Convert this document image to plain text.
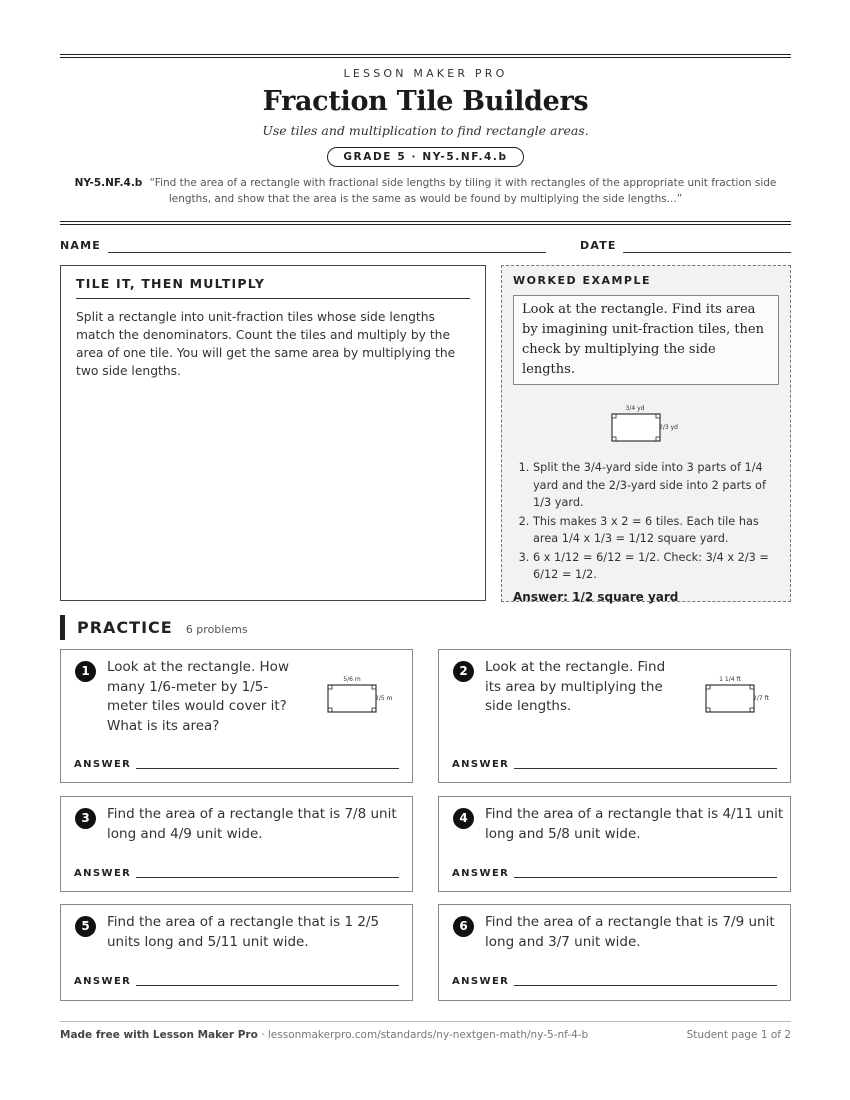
LESSON MAKER PRO
Fraction Tile Builders
Use tiles and multiplication to find rectangle areas.
GRADE 5 · NY-5.NF.4.b
NY-5.NF.4.b “Find the area of a rectangle with fractional side lengths by tiling it with rectangles of the appropriate unit fraction side lengths, and show that the area is the same as would be found by multiplying the side lengths...”
NAME	DATE
TILE IT, THEN MULTIPLY

Split a rectangle into unit-fraction tiles whose side lengths match the denominators. Count the tiles and multiply by the area of one tile. You will get the same area by multiplying the two side lengths.

WORKED EXAMPLE
Look at the rectangle. Find its area by imagining unit-fraction tiles, then check by multiplying the side lengths.
3/4 yd
2/3 yd
1. Split the 3/4-yard side into 3 parts of 1/4 yard and the 2/3-yard side into 2 parts of 1/3 yard.
2. This makes 3 x 2 = 6 tiles. Each tile has area 1/4 x 1/3 = 1/12 square yard.
3. 6 x 1/12 = 6/12 = 1/2. Check: 3/4 x 2/3 = 6/12 = 1/2.
Answer: 1/2 square yard
PRACTICE 6 problems
1	Look at the rectangle. How many 1/6-meter by 1/5-meter tiles would cover it? What is its area?
5/6 m
2/5 m
ANSWER
2	Look at the rectangle. Find its area by multiplying the side lengths.
1 1/4 ft
2/7 ft
ANSWER
3	Find the area of a rectangle that is 7/8 unit long and 4/9 unit wide.
ANSWER
4	Find the area of a rectangle that is 4/11 unit long and 5/8 unit wide.
ANSWER
5	Find the area of a rectangle that is 1 2/5 units long and 5/11 unit wide.
ANSWER
6	Find the area of a rectangle that is 7/9 unit long and 3/7 unit wide.
ANSWER
Made free with Lesson Maker Pro · lessonmakerpro.com/standards/ny-nextgen-math/ny-5-nf-4-b	Student page 1 of 2
